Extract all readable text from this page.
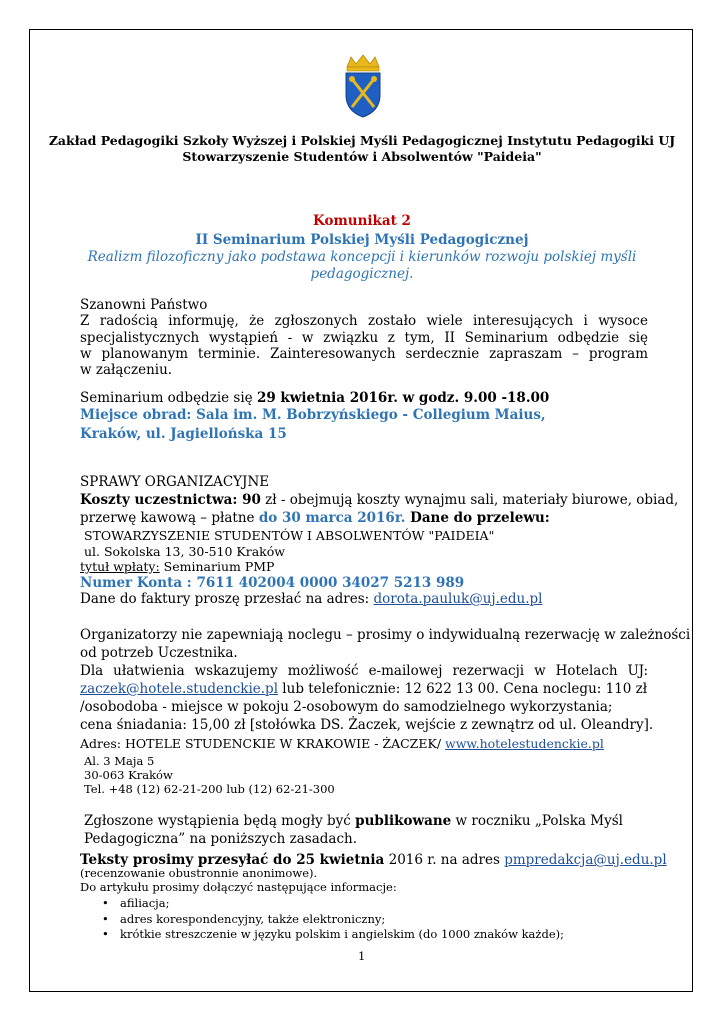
Zakład Pedagogiki Szkoły Wyższej i Polskiej Myśli Pedagogicznej Instytutu Pedagogiki UJ

Stowarzyszenie Studentów i Absolwentów "Paideia"

Komunikat 2

II Seminarium Polskiej Myśli Pedagogicznej

Realizm filozoficzny jako podstawa koncepcji i kierunków rozwoju polskiej myśli

pedagogicznej.

Szanowni Państwo

Z radością informuję, że zgłoszonych zostało wiele interesujących i wysoce

specjalistycznych wystąpień - w związku z tym, II Seminarium odbędzie się

w planowanym terminie. Zainteresowanych serdecznie zapraszam – program

w załączeniu.

Seminarium odbędzie się 29 kwietnia 2016r. w godz. 9.00 -18.00

Miejsce obrad: Sala im. M. Bobrzyńskiego - Collegium Maius,

Kraków, ul. Jagiellońska 15

SPRAWY ORGANIZACYJNE

Koszty uczestnictwa: 90 zł - obejmują koszty wynajmu sali, materiały biurowe, obiad,

przerwę kawową – płatne do 30 marca 2016r. Dane do przelewu:

STOWARZYSZENIE STUDENTÓW I ABSOLWENTÓW "PAIDEIA"

ul. Sokolska 13, 30-510 Kraków

tytuł wpłaty: Seminarium PMP

Numer Konta : 7611 402004 0000 34027 5213 989

Dane do faktury proszę przesłać na adres: dorota.pauluk@uj.edu.pl

Organizatorzy nie zapewniają noclegu – prosimy o indywidualną rezerwację w zależności

od potrzeb Uczestnika.

Dla ułatwienia wskazujemy możliwość e-mailowej rezerwacji w Hotelach UJ:

zaczek@hotele.studenckie.pl lub telefonicznie: 12 622 13 00. Cena noclegu: 110 zł

/osobodoba - miejsce w pokoju 2-osobowym do samodzielnego wykorzystania;

cena śniadania: 15,00 zł [stołówka DS. Żaczek, wejście z zewnątrz od ul. Oleandry].

Adres: HOTELE STUDENCKIE W KRAKOWIE - ŻACZEK/ www.hotelestudenckie.pl

Al. 3 Maja 5

30-063 Kraków

Tel. +48 (12) 62-21-200 lub (12) 62-21-300

Zgłoszone wystąpienia będą mogły być publikowane w roczniku „Polska Myśl

Pedagogiczna” na poniższych zasadach.

Teksty prosimy przesyłać do 25 kwietnia 2016 r. na adres pmpredakcja@uj.edu.pl

(recenzowanie obustronnie anonimowe).

Do artykułu prosimy dołączyć następujące informacje:

• afiliacja;

• adres korespondencyjny, także elektroniczny;

• krótkie streszczenie w języku polskim i angielskim (do 1000 znaków każde);

1
